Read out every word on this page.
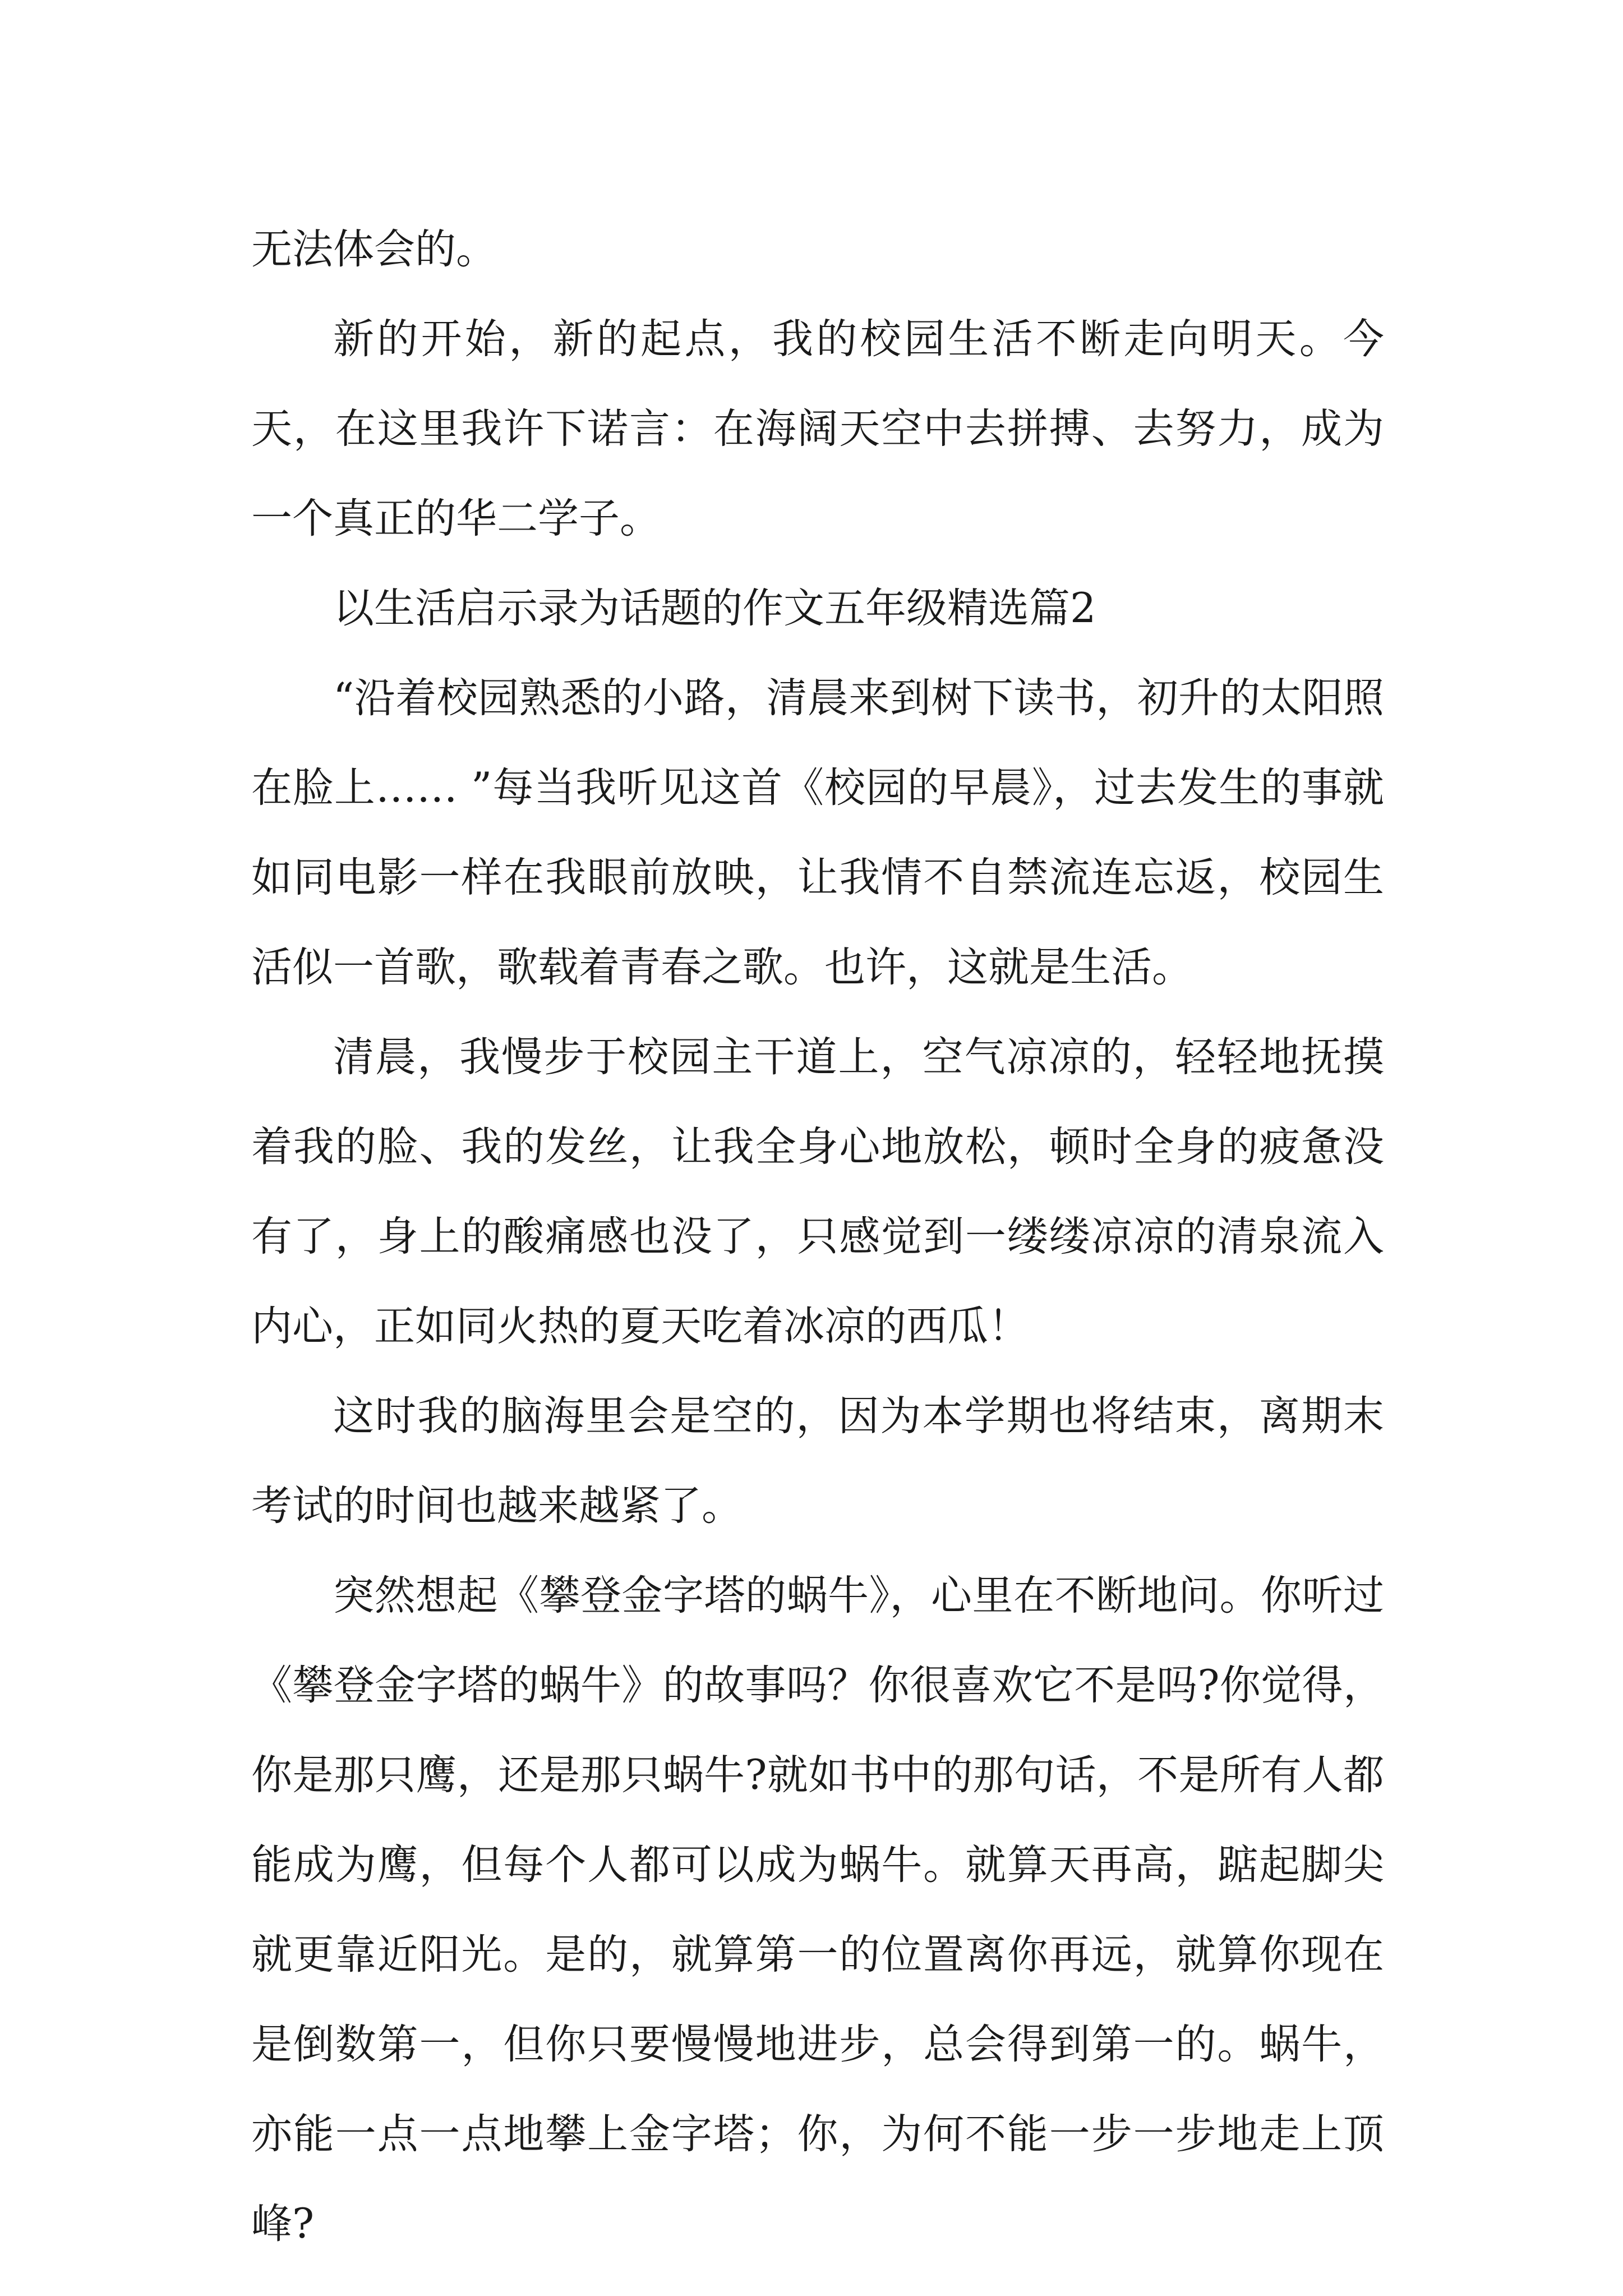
无法体会的。

新的开始，新的起点，我的校园生活不断走向明天。今天，在这里我许下诺言：在海阔天空中去拼搏、去努力，成为一个真正的华二学子。

以生活启示录为话题的作文五年级精选篇2

“沿着校园熟悉的小路，清晨来到树下读书，初升的太阳照在脸上…… ”每当我听见这首《校园的早晨》，过去发生的事就如同电影一样在我眼前放映，让我情不自禁流连忘返，校园生活似一首歌，歌载着青春之歌。也许，这就是生活。

清晨，我慢步于校园主干道上，空气凉凉的，轻轻地抚摸着我的脸、我的发丝，让我全身心地放松，顿时全身的疲惫没有了，身上的酸痛感也没了，只感觉到一缕缕凉凉的清泉流入内心，正如同火热的夏天吃着冰凉的西瓜！

这时我的脑海里会是空的，因为本学期也将结束，离期末考试的时间也越来越紧了。

突然想起《攀登金字塔的蜗牛》，心里在不断地问。你听过《攀登金字塔的蜗牛》的故事吗？你很喜欢它不是吗?你觉得，你是那只鹰，还是那只蜗牛?就如书中的那句话，不是所有人都能成为鹰，但每个人都可以成为蜗牛。就算天再高，踮起脚尖就更靠近阳光。是的，就算第一的位置离你再远，就算你现在是倒数第一，但你只要慢慢地进步，总会得到第一的。蜗牛，亦能一点一点地攀上金字塔；你，为何不能一步一步地走上顶峰?
